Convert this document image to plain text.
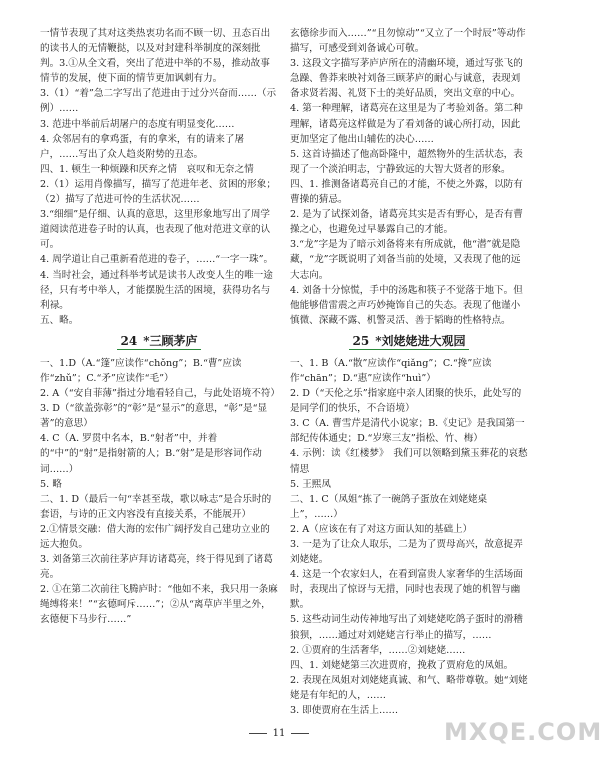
一情节表现了其对这类热衷功名而不顾一切、丑态百出的读书人的无情鞭挞，以及对封建科举制度的深刻批判。3.①从全文看，突出了范进中举的不易，推动故事情节的发展，使下面的情节更加讽刺有力。

3.（1）“着”急二字写出了范进由于过分兴奋而……（示例）……

3. 范进中举前后胡屠户的态度有明显变化……

4. 众邻居有的拿鸡蛋，有的拿米，有的请来了屠户，……写出了众人趋炎附势的丑态。

四、1. 顿生一种烦躁和厌弃之情　哀叹和无奈之情

2.（1）运用肖像描写，描写了范进年老、贫困的形象；（2）描写了范进可怜的生活状况……

3.“细细”是仔细、认真的意思，这里形象地写出了周学道阅读范进卷子时的认真，也表现了他对范进文章的认可。

4. 周学道让自己重新看范进的卷子，……“一字一珠”。

4. 当时社会，通过科举考试是读书人改变人生的唯一途径，只有考中举人，才能摆脱生活的困境，获得功名与利禄。

五、略。

24 *三顾茅庐

一、1.D（A.“篷”应读作“chǒng”；B.“曹”应读作“zhǔ”；C.“矛”应读作“毛”）

2. A（“安自菲薄”指过分地看轻自己，与此处语境不符）

3. D（“欲盖弥彰”的“彰”是“显示”的意思，“彰”是“显著”的意思）

4. C（A. 罗贯中名本，B.“射者”中，并着的“中”的“射”是指射箭的人；B.“射”是是形容词作动词……）

5. 略

二、1. D（最后一句“幸甚至哉，歌以咏志”是合乐时的套语，与诗的正文内容没有直接关系，不能展开）

2.①情景交融：借大海的宏伟广阔抒发自己建功立业的远大抱负。

3. 刘备第三次前往茅庐拜访诸葛亮，终于得见到了诸葛亮。

2. ①在第二次前往飞腾庐时：“他如不来，我只用一条麻绳缚将来！”“玄德呵斥……”；②从“离草庐半里之外，玄德便下马步行……”

玄德徐步而入……”“且勿惊动”“又立了一个时辰”等动作描写，可感受到刘备诚心可敬。

3. 这段文字描写茅庐庐所在的清幽环境，通过写张飞的急躁、鲁莽来映衬刘备三顾茅庐的耐心与诚意，表现刘备求贤若渴、礼贤下士的美好品质，突出文章的中心。

4. 第一种理解，诸葛亮在这里是为了考验刘备。第二种理解，诸葛亮这样做是为了看刘备的诚心所打动，因此更加坚定了他出山辅佐的决心……

5. 这首诗描述了他高卧隆中，超然物外的生活状态，表现了一个淡泊明志，宁静致远的大智大贤者的形象。

四、1. 推测备诸葛亮自己的才能，不使之外露，以防有曹操的猜忌。

2. 是为了试探刘备，诸葛亮其实是否有野心，是否有曹操之心，也避免过早暴露自己的才能。

3.“龙”字是为了暗示刘备将来有所成就，他“潜”就是隐藏，“龙”字既说明了刘备当前的处境，又表现了他的远大志向。

4. 刘备十分惊慌，手中的汤匙和筷子不觉落于地下。但他能够借雷震之声巧妙掩饰自己的失态。表现了他谨小慎微、深藏不露、机警灵活、善于韬晦的性格特点。

25 *刘姥姥进大观园

一、1. B（A.“散”应读作“qiǎng”；C.“搀”应读作“chān”；D.“惠”应读作“huì”）

2. D（“天伦之乐”指家庭中亲人团聚的快乐，此处写的是同学们的快乐，不合语境）

3. C（A. 曹雪芹是清代小说家；B.《史记》是我国第一部纪传体通史；D.“岁寒三友”指松、竹、梅）

4. 示例：读《红楼梦》　我们可以领略到黛玉葬花的哀愁情思

5. 王熙凤

二、1. C（凤姐“拣了一碗鸽子蛋放在刘姥姥桌上”，……）

2. A（应该在有了对这方面认知的基础上）

3. 一是为了让众人取乐，二是为了贾母高兴，故意捉弄刘姥姥。

4. 这是一个农家妇人，在看到富贵人家奢华的生活场面时，表现出了惊讶与无措，同时也表现了她的机智与幽默。

5. 这些动词生动传神地写出了刘姥姥吃鸽子蛋时的滑稽狼狈，……通过对刘姥姥言行举止的描写，……

2. ①贾府的生活奢华，……②刘姥姥……

四、1. 刘姥姥第三次进贾府，挽救了贾府危的凤姐。

2. 表现在凤姐对刘姥姥真诚、和气、略带尊敬。她“刘姥姥是有年纪的人，……

3. 即使贾府在生活上……

11	MXQE.COM
